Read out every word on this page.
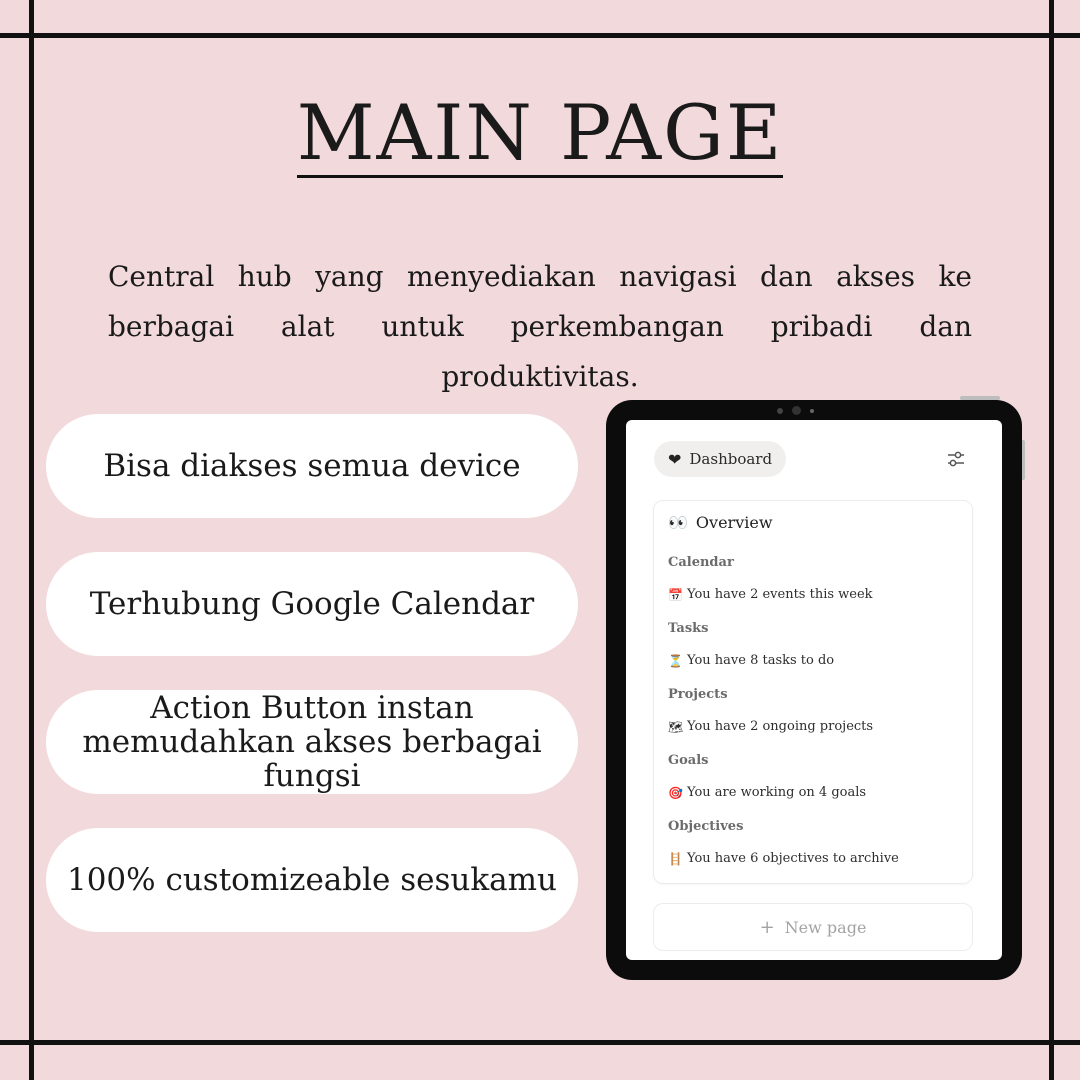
MAIN PAGE

Central hub yang menyediakan navigasi dan akses ke berbagai alat untuk perkembangan pribadi dan produktivitas.

Bisa diakses semua device
Terhubung Google Calendar
Action Button instan memudahkan akses berbagai fungsi
100% customizeable sesukamu
❤ Dashboard
👀 Overview
Calendar
📅 You have 2 events this week
Tasks
⏳ You have 8 tasks to do
Projects
🗺 You have 2 ongoing projects
Goals
🎯 You are working on 4 goals
Objectives
🪜 You have 6 objectives to archive
+ New page
